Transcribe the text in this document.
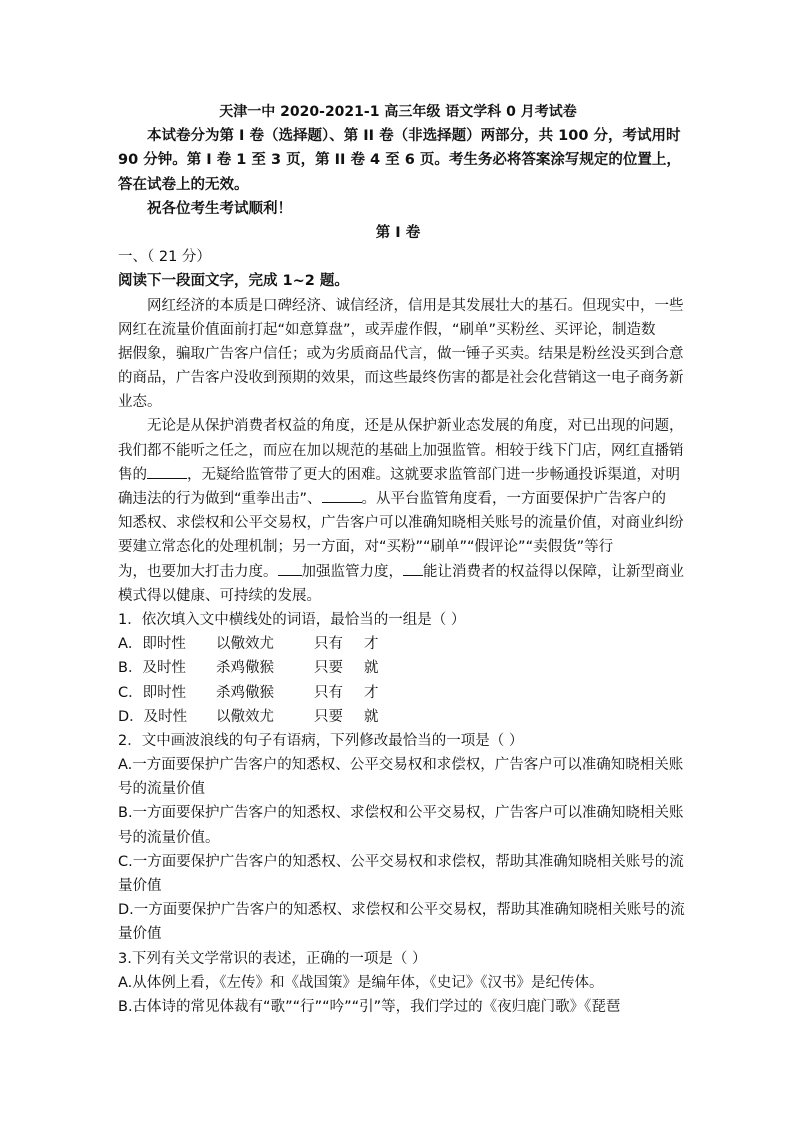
天津一中 2020-2021-1 高三年级 语文学科 0 月考试卷
本试卷分为第 I 卷（选择题）、第 II 卷（非选择题）两部分，共 100 分，考试用时
90 分钟。第 I 卷 1 至 3 页，第 II 卷 4 至 6 页。考生务必将答案涂写规定的位置上，
答在试卷上的无效。
祝各位考生考试顺利！
第 I 卷
一、（ 21 分）
阅读下一段面文字，完成 1~2 题。
网红经济的本质是口碑经济、诚信经济，信用是其发展壮大的基石。但现实中，一些
网红在流量价值面前打起“如意算盘”，或弄虚作假，“刷单”买粉丝、买评论，制造数
据假象，骗取广告客户信任；或为劣质商品代言，做一锤子买卖。结果是粉丝没买到合意
的商品，广告客户没收到预期的效果，而这些最终伤害的都是社会化营销这一电子商务新
业态。
无论是从保护消费者权益的角度，还是从保护新业态发展的角度，对已出现的问题，
我们都不能听之任之，而应在加以规范的基础上加强监管。相较于线下门店，网红直播销
售的	，无疑给监管带了更大的困难。这就要求监管部门进一步畅通投诉渠道，对明
确违法的行为做到“重拳出击”、	。从平台监管角度看，一方面要保护广告客户的
知悉权、求偿权和公平交易权，广告客户可以准确知晓相关账号的流量价值，对商业纠纷
要建立常态化的处理机制；另一方面，对“买粉”“刷单”“假评论”“卖假货”等行
为，也要加大打击力度。 加强监管力度， 能让消费者的权益得以保障，让新型商业
模式得以健康、可持续的发展。
1．依次填入文中横线处的词语，最恰当的一组是（ ）
A．即时性 以儆效尤	只有 才
B．及时性 杀鸡儆猴	只要 就
C．即时性 杀鸡儆猴	只有 才
D．及时性 以儆效尤	只要 就
2．文中画波浪线的句子有语病，下列修改最恰当的一项是（ ）
A.一方面要保护广告客户的知悉权、公平交易权和求偿权，广告客户可以准确知晓相关账
号的流量价值
B.一方面要保护广告客户的知悉权、求偿权和公平交易权，广告客户可以准确知晓相关账
号的流量价值。
C.一方面要保护广告客户的知悉权、公平交易权和求偿权，帮助其准确知晓相关账号的流
量价值
D.一方面要保护广告客户的知悉权、求偿权和公平交易权，帮助其准确知晓相关账号的流
量价值
3.下列有关文学常识的表述，正确的一项是（ ）
A.从体例上看，《左传》和《战国策》是编年体，《史记》《汉书》是纪传体。
B.古体诗的常见体裁有“歌”“行”“吟”“引”等，我们学过的《夜归鹿门歌》《琵琶
